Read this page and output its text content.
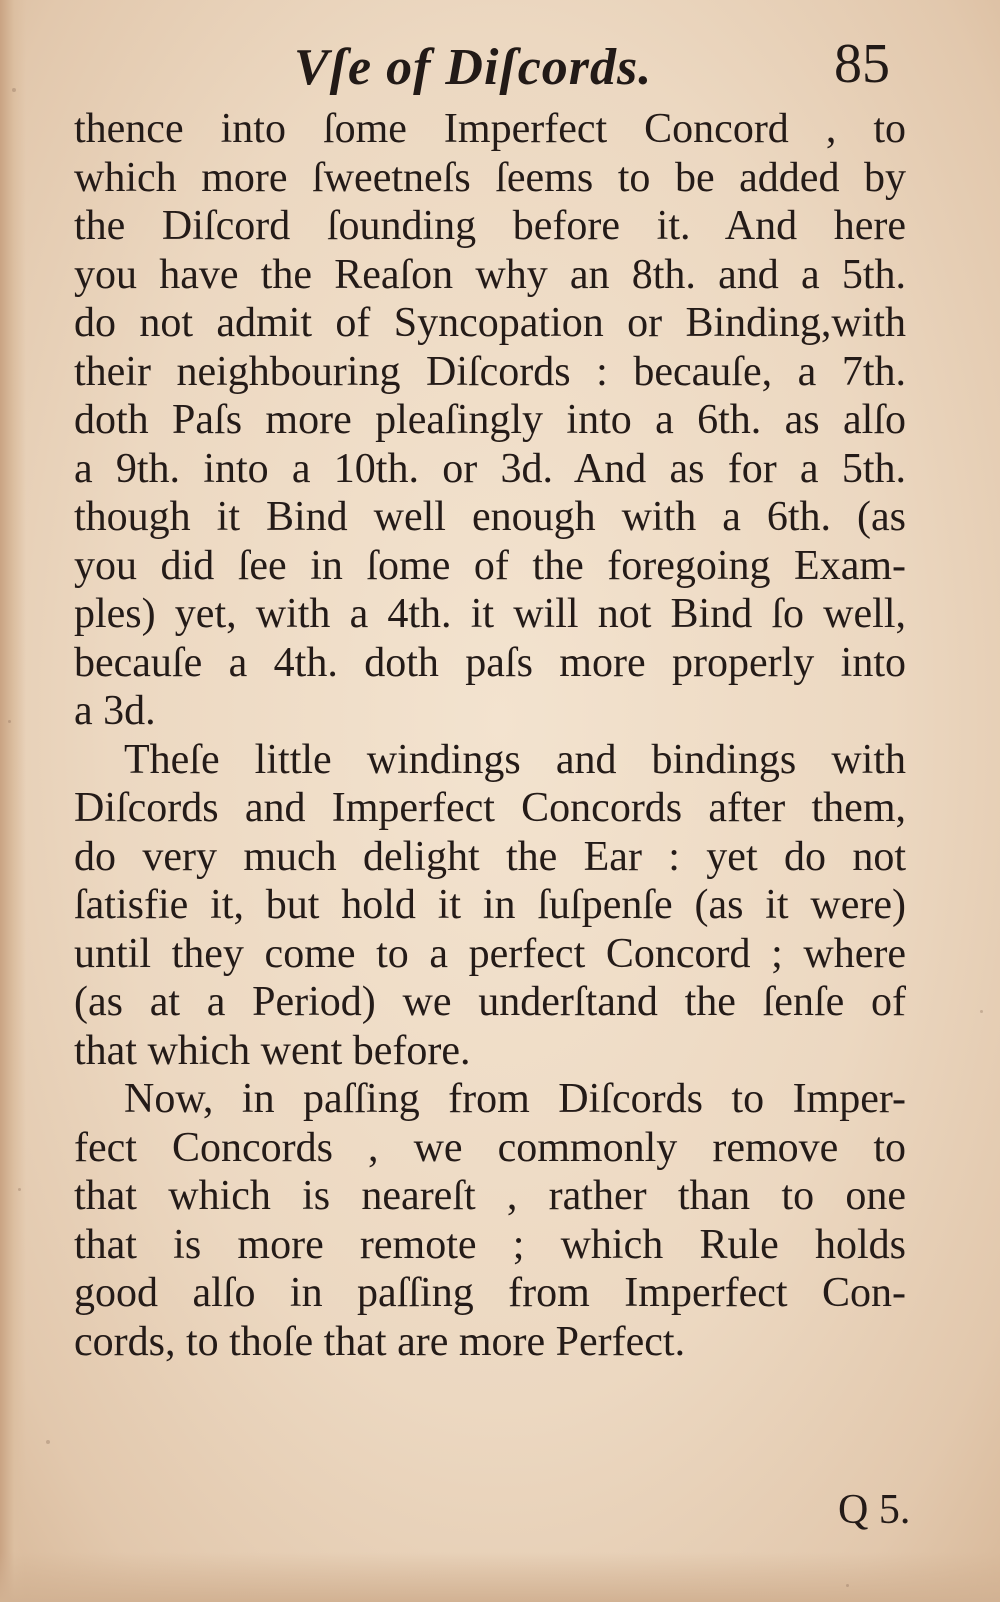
Vſe of Diſcords.	85
thence into ſome Imperfect Concord , to
which more ſweetneſs ſeems to be added by
the Diſcord ſounding before it. And here
you have the Reaſon why an 8th. and a 5th.
do not admit of Syncopation or Binding,with
their neighbouring Diſcords : becauſe, a 7th.
doth Paſs more pleaſingly into a 6th. as alſo
a 9th. into a 10th. or 3d. And as for a 5th.
though it Bind well enough with a 6th. (as
you did ſee in ſome of the foregoing Exam-
ples) yet, with a 4th. it will not Bind ſo well,
becauſe a 4th. doth paſs more properly into
a 3d.
Theſe little windings and bindings with
Diſcords and Imperfect Concords after them,
do very much delight the Ear : yet do not
ſatisfie it, but hold it in ſuſpenſe (as it were)
until they come to a perfect Concord ; where
(as at a Period) we underſtand the ſenſe of
that which went before.
Now, in paſſing from Diſcords to Imper-
fect Concords , we commonly remove to
that which is neareſt , rather than to one
that is more remote ; which Rule holds
good alſo in paſſing from Imperfect Con-
cords, to thoſe that are more Perfect.
Q 5.
